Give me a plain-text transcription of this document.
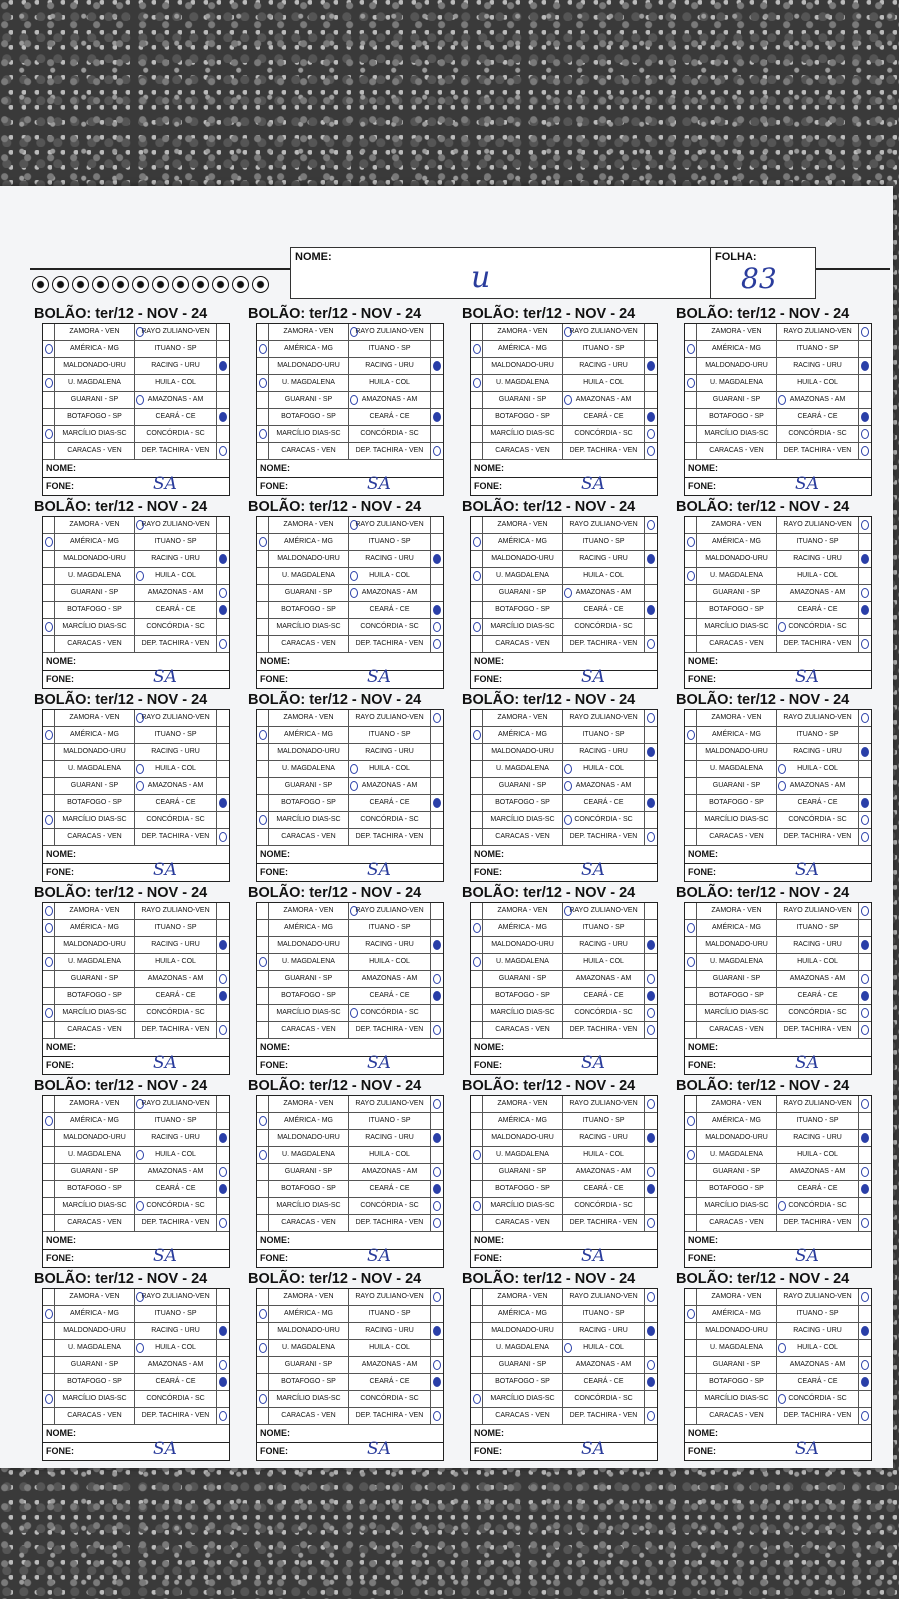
NOME:
u
FOLHA:
83
BOLÃO: ter/12 - NOV - 24
ZAMORA - VEN	RAYO ZULIANO-VEN
AMÉRICA - MG	ITUANO - SP
MALDONADO-URU	RACING - URU
U. MAGDALENA	HUILA - COL
GUARANI - SP	AMAZONAS - AM
BOTAFOGO - SP	CEARÁ - CE
MARCÍLIO DIAS-SC	CONCÓRDIA - SC
CARACAS - VEN	DEP. TACHIRA - VEN
NOME:
FONE:	SA
BOLÃO: ter/12 - NOV - 24
ZAMORA - VEN	RAYO ZULIANO-VEN
AMÉRICA - MG	ITUANO - SP
MALDONADO-URU	RACING - URU
U. MAGDALENA	HUILA - COL
GUARANI - SP	AMAZONAS - AM
BOTAFOGO - SP	CEARÁ - CE
MARCÍLIO DIAS-SC	CONCÓRDIA - SC
CARACAS - VEN	DEP. TACHIRA - VEN
NOME:
FONE:	SA
BOLÃO: ter/12 - NOV - 24
ZAMORA - VEN	RAYO ZULIANO-VEN
AMÉRICA - MG	ITUANO - SP
MALDONADO-URU	RACING - URU
U. MAGDALENA	HUILA - COL
GUARANI - SP	AMAZONAS - AM
BOTAFOGO - SP	CEARÁ - CE
MARCÍLIO DIAS-SC	CONCÓRDIA - SC
CARACAS - VEN	DEP. TACHIRA - VEN
NOME:
FONE:	SA
BOLÃO: ter/12 - NOV - 24
ZAMORA - VEN	RAYO ZULIANO-VEN
AMÉRICA - MG	ITUANO - SP
MALDONADO-URU	RACING - URU
U. MAGDALENA	HUILA - COL
GUARANI - SP	AMAZONAS - AM
BOTAFOGO - SP	CEARÁ - CE
MARCÍLIO DIAS-SC	CONCÓRDIA - SC
CARACAS - VEN	DEP. TACHIRA - VEN
NOME:
FONE:	SA
BOLÃO: ter/12 - NOV - 24
ZAMORA - VEN	RAYO ZULIANO-VEN
AMÉRICA - MG	ITUANO - SP
MALDONADO-URU	RACING - URU
U. MAGDALENA	HUILA - COL
GUARANI - SP	AMAZONAS - AM
BOTAFOGO - SP	CEARÁ - CE
MARCÍLIO DIAS-SC	CONCÓRDIA - SC
CARACAS - VEN	DEP. TACHIRA - VEN
NOME:
FONE:	SA
BOLÃO: ter/12 - NOV - 24
ZAMORA - VEN	RAYO ZULIANO-VEN
AMÉRICA - MG	ITUANO - SP
MALDONADO-URU	RACING - URU
U. MAGDALENA	HUILA - COL
GUARANI - SP	AMAZONAS - AM
BOTAFOGO - SP	CEARÁ - CE
MARCÍLIO DIAS-SC	CONCÓRDIA - SC
CARACAS - VEN	DEP. TACHIRA - VEN
NOME:
FONE:	SA
BOLÃO: ter/12 - NOV - 24
ZAMORA - VEN	RAYO ZULIANO-VEN
AMÉRICA - MG	ITUANO - SP
MALDONADO-URU	RACING - URU
U. MAGDALENA	HUILA - COL
GUARANI - SP	AMAZONAS - AM
BOTAFOGO - SP	CEARÁ - CE
MARCÍLIO DIAS-SC	CONCÓRDIA - SC
CARACAS - VEN	DEP. TACHIRA - VEN
NOME:
FONE:	SA
BOLÃO: ter/12 - NOV - 24
ZAMORA - VEN	RAYO ZULIANO-VEN
AMÉRICA - MG	ITUANO - SP
MALDONADO-URU	RACING - URU
U. MAGDALENA	HUILA - COL
GUARANI - SP	AMAZONAS - AM
BOTAFOGO - SP	CEARÁ - CE
MARCÍLIO DIAS-SC	CONCÓRDIA - SC
CARACAS - VEN	DEP. TACHIRA - VEN
NOME:
FONE:	SA
BOLÃO: ter/12 - NOV - 24
ZAMORA - VEN	RAYO ZULIANO-VEN
AMÉRICA - MG	ITUANO - SP
MALDONADO-URU	RACING - URU
U. MAGDALENA	HUILA - COL
GUARANI - SP	AMAZONAS - AM
BOTAFOGO - SP	CEARÁ - CE
MARCÍLIO DIAS-SC	CONCÓRDIA - SC
CARACAS - VEN	DEP. TACHIRA - VEN
NOME:
FONE:	SA
BOLÃO: ter/12 - NOV - 24
ZAMORA - VEN	RAYO ZULIANO-VEN
AMÉRICA - MG	ITUANO - SP
MALDONADO-URU	RACING - URU
U. MAGDALENA	HUILA - COL
GUARANI - SP	AMAZONAS - AM
BOTAFOGO - SP	CEARÁ - CE
MARCÍLIO DIAS-SC	CONCÓRDIA - SC
CARACAS - VEN	DEP. TACHIRA - VEN
NOME:
FONE:	SA
BOLÃO: ter/12 - NOV - 24
ZAMORA - VEN	RAYO ZULIANO-VEN
AMÉRICA - MG	ITUANO - SP
MALDONADO-URU	RACING - URU
U. MAGDALENA	HUILA - COL
GUARANI - SP	AMAZONAS - AM
BOTAFOGO - SP	CEARÁ - CE
MARCÍLIO DIAS-SC	CONCÓRDIA - SC
CARACAS - VEN	DEP. TACHIRA - VEN
NOME:
FONE:	SA
BOLÃO: ter/12 - NOV - 24
ZAMORA - VEN	RAYO ZULIANO-VEN
AMÉRICA - MG	ITUANO - SP
MALDONADO-URU	RACING - URU
U. MAGDALENA	HUILA - COL
GUARANI - SP	AMAZONAS - AM
BOTAFOGO - SP	CEARÁ - CE
MARCÍLIO DIAS-SC	CONCÓRDIA - SC
CARACAS - VEN	DEP. TACHIRA - VEN
NOME:
FONE:	SA
BOLÃO: ter/12 - NOV - 24
ZAMORA - VEN	RAYO ZULIANO-VEN
AMÉRICA - MG	ITUANO - SP
MALDONADO-URU	RACING - URU
U. MAGDALENA	HUILA - COL
GUARANI - SP	AMAZONAS - AM
BOTAFOGO - SP	CEARÁ - CE
MARCÍLIO DIAS-SC	CONCÓRDIA - SC
CARACAS - VEN	DEP. TACHIRA - VEN
NOME:
FONE:	SA
BOLÃO: ter/12 - NOV - 24
ZAMORA - VEN	RAYO ZULIANO-VEN
AMÉRICA - MG	ITUANO - SP
MALDONADO-URU	RACING - URU
U. MAGDALENA	HUILA - COL
GUARANI - SP	AMAZONAS - AM
BOTAFOGO - SP	CEARÁ - CE
MARCÍLIO DIAS-SC	CONCÓRDIA - SC
CARACAS - VEN	DEP. TACHIRA - VEN
NOME:
FONE:	SA
BOLÃO: ter/12 - NOV - 24
ZAMORA - VEN	RAYO ZULIANO-VEN
AMÉRICA - MG	ITUANO - SP
MALDONADO-URU	RACING - URU
U. MAGDALENA	HUILA - COL
GUARANI - SP	AMAZONAS - AM
BOTAFOGO - SP	CEARÁ - CE
MARCÍLIO DIAS-SC	CONCÓRDIA - SC
CARACAS - VEN	DEP. TACHIRA - VEN
NOME:
FONE:	SA
BOLÃO: ter/12 - NOV - 24
ZAMORA - VEN	RAYO ZULIANO-VEN
AMÉRICA - MG	ITUANO - SP
MALDONADO-URU	RACING - URU
U. MAGDALENA	HUILA - COL
GUARANI - SP	AMAZONAS - AM
BOTAFOGO - SP	CEARÁ - CE
MARCÍLIO DIAS-SC	CONCÓRDIA - SC
CARACAS - VEN	DEP. TACHIRA - VEN
NOME:
FONE:	SA
BOLÃO: ter/12 - NOV - 24
ZAMORA - VEN	RAYO ZULIANO-VEN
AMÉRICA - MG	ITUANO - SP
MALDONADO-URU	RACING - URU
U. MAGDALENA	HUILA - COL
GUARANI - SP	AMAZONAS - AM
BOTAFOGO - SP	CEARÁ - CE
MARCÍLIO DIAS-SC	CONCÓRDIA - SC
CARACAS - VEN	DEP. TACHIRA - VEN
NOME:
FONE:	SA
BOLÃO: ter/12 - NOV - 24
ZAMORA - VEN	RAYO ZULIANO-VEN
AMÉRICA - MG	ITUANO - SP
MALDONADO-URU	RACING - URU
U. MAGDALENA	HUILA - COL
GUARANI - SP	AMAZONAS - AM
BOTAFOGO - SP	CEARÁ - CE
MARCÍLIO DIAS-SC	CONCÓRDIA - SC
CARACAS - VEN	DEP. TACHIRA - VEN
NOME:
FONE:	SA
BOLÃO: ter/12 - NOV - 24
ZAMORA - VEN	RAYO ZULIANO-VEN
AMÉRICA - MG	ITUANO - SP
MALDONADO-URU	RACING - URU
U. MAGDALENA	HUILA - COL
GUARANI - SP	AMAZONAS - AM
BOTAFOGO - SP	CEARÁ - CE
MARCÍLIO DIAS-SC	CONCÓRDIA - SC
CARACAS - VEN	DEP. TACHIRA - VEN
NOME:
FONE:	SA
BOLÃO: ter/12 - NOV - 24
ZAMORA - VEN	RAYO ZULIANO-VEN
AMÉRICA - MG	ITUANO - SP
MALDONADO-URU	RACING - URU
U. MAGDALENA	HUILA - COL
GUARANI - SP	AMAZONAS - AM
BOTAFOGO - SP	CEARÁ - CE
MARCÍLIO DIAS-SC	CONCÓRDIA - SC
CARACAS - VEN	DEP. TACHIRA - VEN
NOME:
FONE:	SA
BOLÃO: ter/12 - NOV - 24
ZAMORA - VEN	RAYO ZULIANO-VEN
AMÉRICA - MG	ITUANO - SP
MALDONADO-URU	RACING - URU
U. MAGDALENA	HUILA - COL
GUARANI - SP	AMAZONAS - AM
BOTAFOGO - SP	CEARÁ - CE
MARCÍLIO DIAS-SC	CONCÓRDIA - SC
CARACAS - VEN	DEP. TACHIRA - VEN
NOME:
FONE:	SA
BOLÃO: ter/12 - NOV - 24
ZAMORA - VEN	RAYO ZULIANO-VEN
AMÉRICA - MG	ITUANO - SP
MALDONADO-URU	RACING - URU
U. MAGDALENA	HUILA - COL
GUARANI - SP	AMAZONAS - AM
BOTAFOGO - SP	CEARÁ - CE
MARCÍLIO DIAS-SC	CONCÓRDIA - SC
CARACAS - VEN	DEP. TACHIRA - VEN
NOME:
FONE:	SA
BOLÃO: ter/12 - NOV - 24
ZAMORA - VEN	RAYO ZULIANO-VEN
AMÉRICA - MG	ITUANO - SP
MALDONADO-URU	RACING - URU
U. MAGDALENA	HUILA - COL
GUARANI - SP	AMAZONAS - AM
BOTAFOGO - SP	CEARÁ - CE
MARCÍLIO DIAS-SC	CONCÓRDIA - SC
CARACAS - VEN	DEP. TACHIRA - VEN
NOME:
FONE:	SA
BOLÃO: ter/12 - NOV - 24
ZAMORA - VEN	RAYO ZULIANO-VEN
AMÉRICA - MG	ITUANO - SP
MALDONADO-URU	RACING - URU
U. MAGDALENA	HUILA - COL
GUARANI - SP	AMAZONAS - AM
BOTAFOGO - SP	CEARÁ - CE
MARCÍLIO DIAS-SC	CONCÓRDIA - SC
CARACAS - VEN	DEP. TACHIRA - VEN
NOME:
FONE:	SA
